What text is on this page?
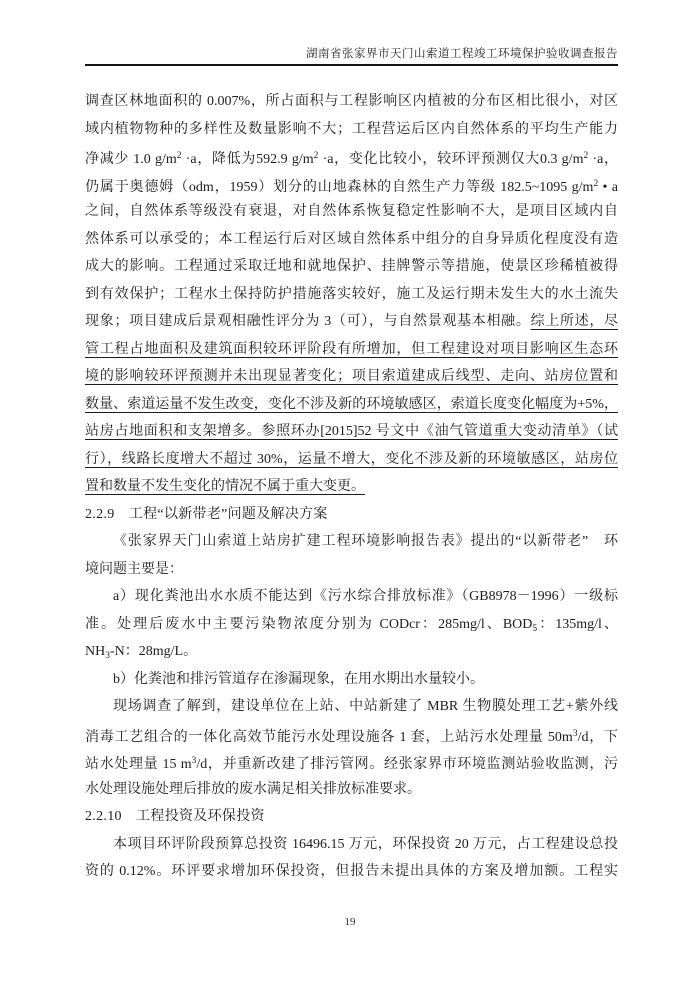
湖南省张家界市天门山索道工程竣工环境保护验收调查报告
调查区林地面积的 0.007%，所占面积与工程影响区内植被的分布区相比很小，对区
域内植物物种的多样性及数量影响不大；工程营运后区内自然体系的平均生产能力
净减少 1.0 $g/m^2 \cdot a$，降低为592.9 $g/m^2 \cdot a$，变化比较小，较环评预测仅大0.3 $g/m^2 \cdot a$，
仍属于奥德姆（odm，1959）划分的山地森林的自然生产力等级 182.5~1095 $g/m^2$ • a
之间，自然体系等级没有衰退，对自然体系恢复稳定性影响不大，是项目区域内自
然体系可以承受的；本工程运行后对区域自然体系中组分的自身异质化程度没有造
成大的影响。工程通过采取迁地和就地保护、挂牌警示等措施，使景区珍稀植被得
到有效保护；工程水土保持防护措施落实较好，施工及运行期未发生大的水土流失
现象；项目建成后景观相融性评分为 3（可），与自然景观基本相融。综上所述，尽
管工程占地面积及建筑面积较环评阶段有所增加，但工程建设对项目影响区生态环
境的影响较环评预测并未出现显著变化；项目索道建成后线型、走向、站房位置和
数量、索道运量不发生改变，变化不涉及新的环境敏感区，索道长度变化幅度为+5%，
站房占地面积和支架增多。参照环办[2015]52 号文中《油气管道重大变动清单》（试
行），线路长度增大不超过 30%，运量不增大，变化不涉及新的环境敏感区，站房位
置和数量不发生变化的情况不属于重大变更。
2.2.9　工程“以新带老”问题及解决方案
《张家界天门山索道上站房扩建工程环境影响报告表》提出的“以新带老”　环
境问题主要是：
a）现化粪池出水水质不能达到《污水综合排放标准》（GB8978－1996）一级标
准。处理后废水中主要污染物浓度分别为 CODcr：285mg/l、$BOD_5$：135mg/l、
$NH_3-N$：28mg/L。
b）化粪池和排污管道存在渗漏现象，在用水期出水量较小。
现场调查了解到，建设单位在上站、中站新建了 MBR 生物膜处理工艺+紫外线
消毒工艺组合的一体化高效节能污水处理设施各 1 套，上站污水处理量 $50m^3/d$，下
站水处理量 15 $m^3/d$，并重新改建了排污管网。经张家界市环境监测站验收监测，污
水处理设施处理后排放的废水满足相关排放标准要求。
2.2.10　工程投资及环保投资
本项目环评阶段预算总投资 16496.15 万元，环保投资 20 万元，占工程建设总投
资的 0.12%。环评要求增加环保投资，但报告未提出具体的方案及增加额。工程实
19
